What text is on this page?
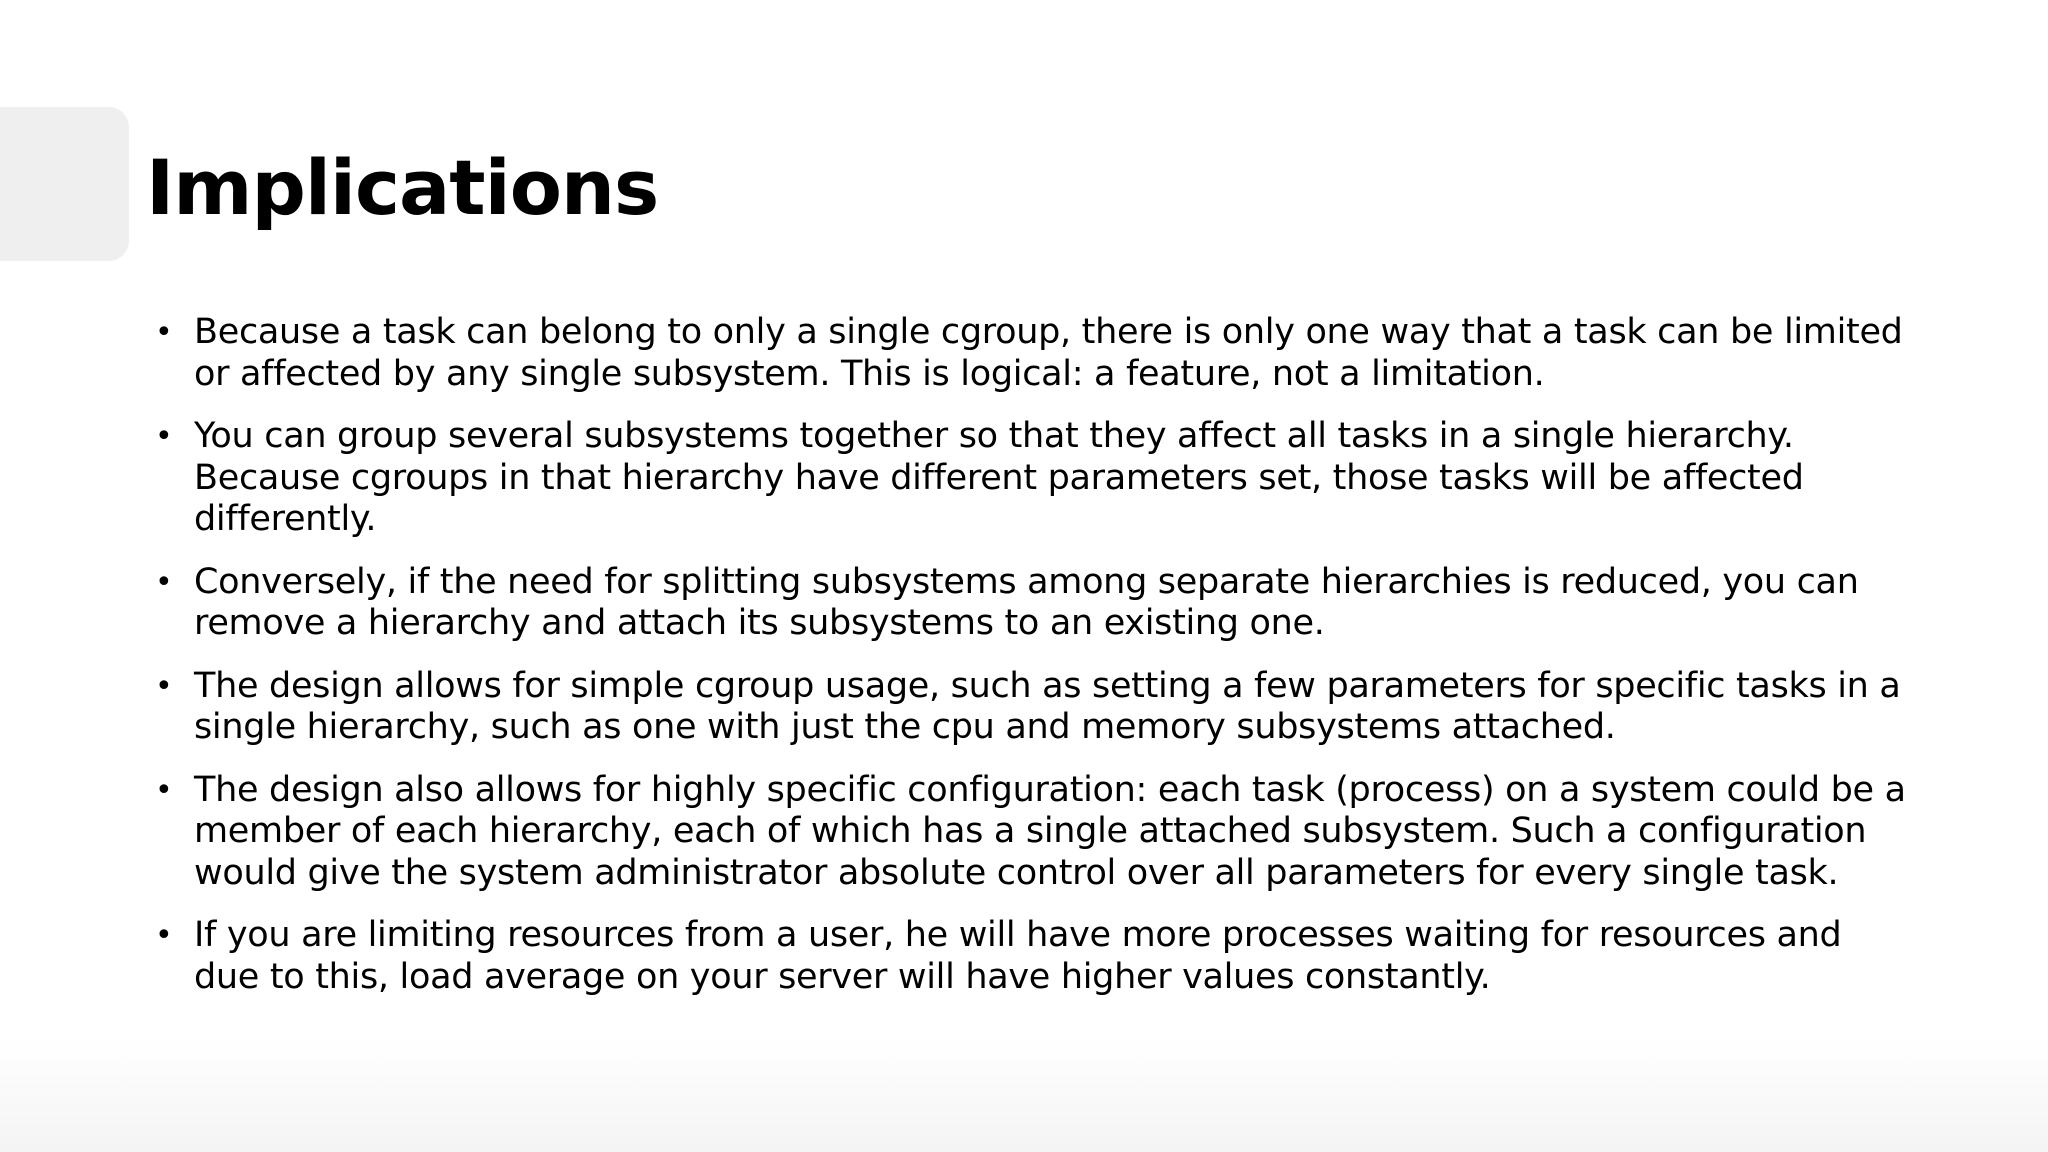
Implications
• Because a task can belong to only a single cgroup, there is only one way that a task can be limited or affected by any single subsystem. This is logical: a feature, not a limitation.
• You can group several subsystems together so that they affect all tasks in a single hierarchy. Because cgroups in that hierarchy have different parameters set, those tasks will be affected differently.
• Conversely, if the need for splitting subsystems among separate hierarchies is reduced, you can remove a hierarchy and attach its subsystems to an existing one.
• The design allows for simple cgroup usage, such as setting a few parameters for specific tasks in a single hierarchy, such as one with just the cpu and memory subsystems attached.
• The design also allows for highly specific configuration: each task (process) on a system could be a member of each hierarchy, each of which has a single attached subsystem. Such a configuration would give the system administrator absolute control over all parameters for every single task.
• If you are limiting resources from a user, he will have more processes waiting for resources and due to this, load average on your server will have higher values constantly.
